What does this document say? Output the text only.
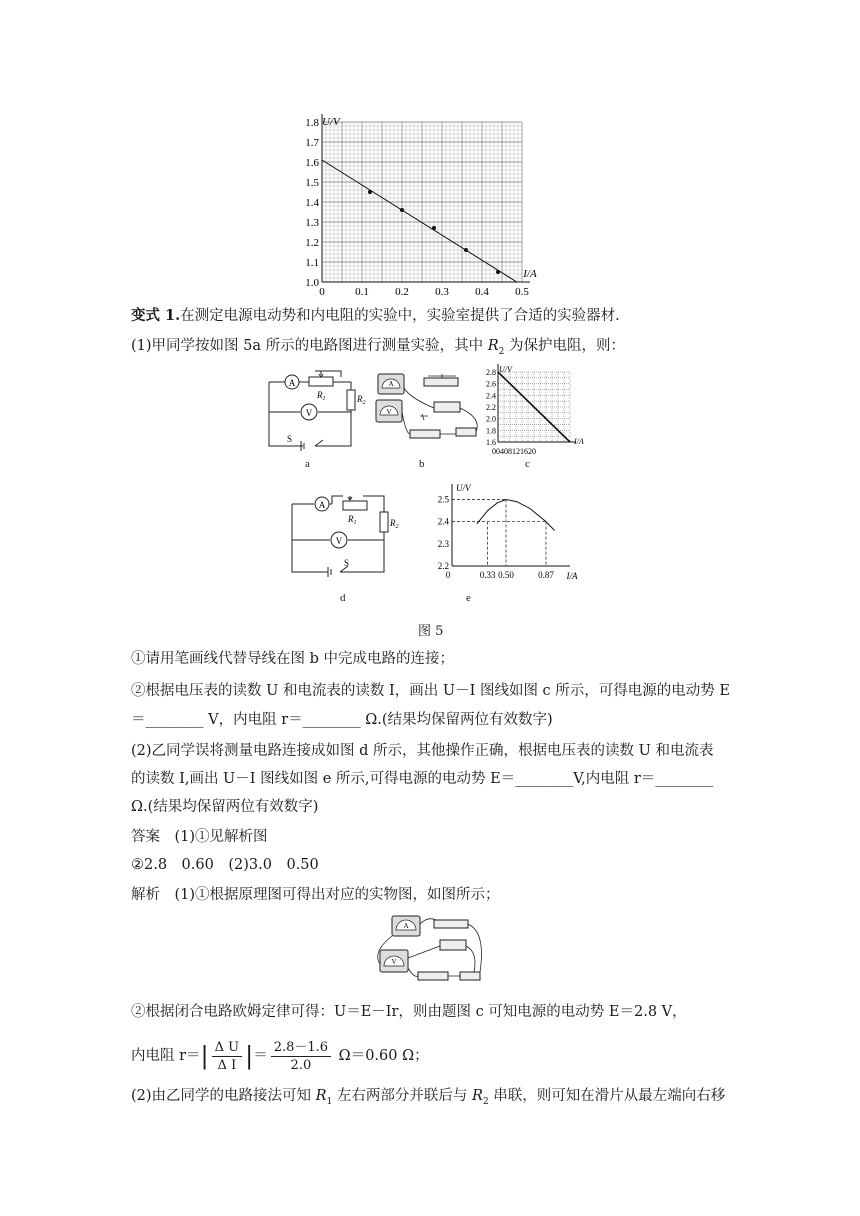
U/V
I/A
1.0
1.1
1.2
1.3
1.4
1.5
1.6
1.7
1.8
0	0.1 0.2 0.3 0.4 0.5
变式 1.在测定电源电动势和内电阻的实验中，实验室提供了合适的实验器材.
(1)甲同学按如图 5a 所示的电路图进行测量实验，其中 $R_2$ 为保护电阻，则：
A
V
$R_1$	$R_2$
S
a
A
V
b
U/V
I/A
1.6
1.8
2.0
2.2
2.4
2.6
2.8
00408121620
c
A
V
$R_1$	$R_2$
S
d
U/V
I/A
2.2
2.3
2.4
2.5
0	0.33 0.50	0.87
e
图 5
①请用笔画线代替导线在图 b 中完成电路的连接；
②根据电压表的读数 U 和电流表的读数 I，画出 U－I 图线如图 c 所示，可得电源的电动势 E
＝________ V，内电阻 r＝________ Ω.(结果均保留两位有效数字)
(2)乙同学误将测量电路连接成如图 d 所示，其他操作正确，根据电压表的读数 U 和电流表
的读数 I,画出 U－I 图线如图 e 所示,可得电源的电动势 E＝________V,内电阻 r＝________
Ω.(结果均保留两位有效数字)
答案　 (1)①见解析图
②2.8　0.60　(2)3.0　0.50
解析　 (1)①根据原理图可得出对应的实物图，如图所示；
A
V
②根据闭合电路欧姆定律可得：U＝E－Ir，则由题图 c 可知电源的电动势 E＝2.8 V，
内电阻 $r=| \frac{\text{Δ U}}{\text{Δ I}}$ |＝ $\frac{2.8-1.6}{2.0} \Omega=0.60$ Ω；
(2)由乙同学的电路接法可知 $R_1$ 左右两部分并联后与 $R_2$ 串联，则可知在滑片从最左端向右移
